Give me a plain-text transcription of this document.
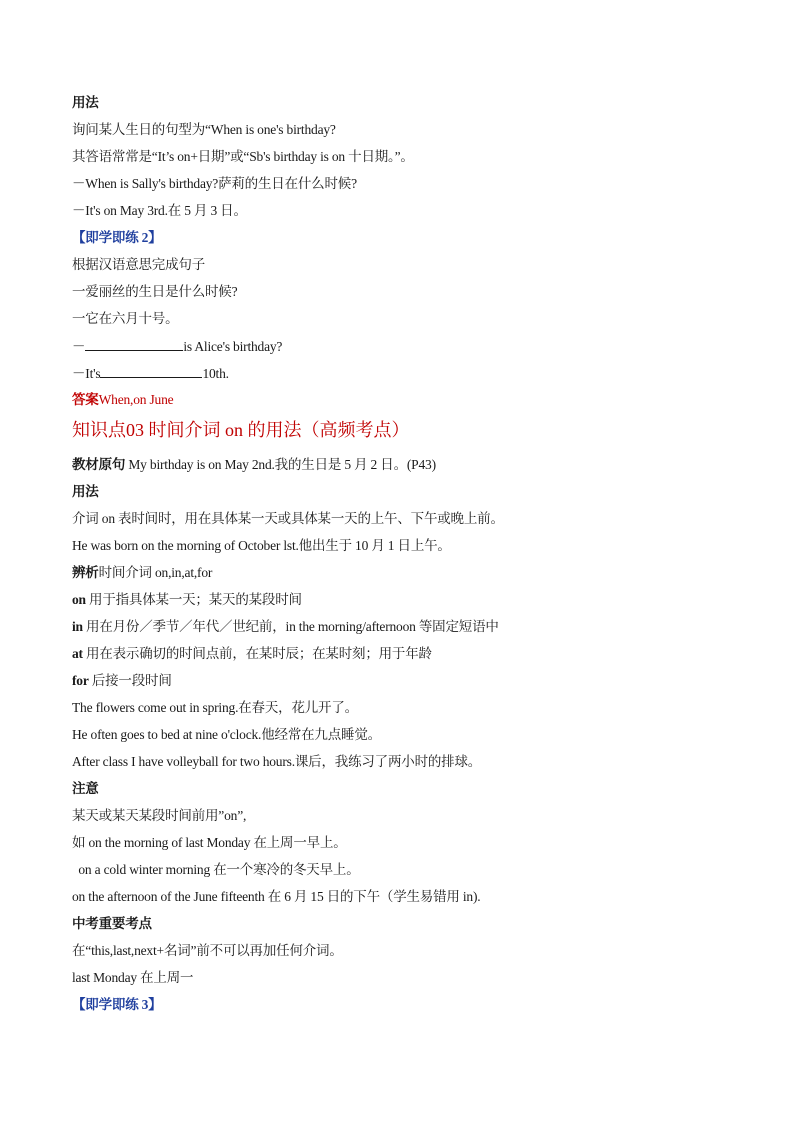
用法
询问某人生日的句型为“When is one's birthday?
其答语常常是“It’s on+日期”或“Sb's birthday is on 十日期。”。
－When is Sally's birthday?萨莉的生日在什么时候?
－It's on May 3rd.在 5 月 3 日。
【即学即练 2】
根据汉语意思完成句子
一爱丽丝的生日是什么时候?
一它在六月十号。
－	is Alice's birthday?
－It's	10th.
答案When,on June
知识点03 时间介词 on 的用法（高频考点）
教材原句 My birthday is on May 2nd.我的生日是 5 月 2 日。(P43)
用法
介词 on 表时间时，用在具体某一天或具体某一天的上午、下午或晚上前。
He was born on the morning of October lst.他出生于 10 月 1 日上午。
辨析时间介词 on,in,at,for
on 用于指具体某一天；某天的某段时间
in 用在月份／季节／年代／世纪前，in the morning/afternoon 等固定短语中
at 用在表示确切的时间点前，在某时辰；在某时刻；用于年龄
for 后接一段时间
The flowers come out in spring.在春天，花儿开了。
He often goes to bed at nine o'clock.他经常在九点睡觉。
After class I have volleyball for two hours.课后，我练习了两小时的排球。
注意
某天或某天某段时间前用”on”,
如 on the morning of last Monday 在上周一早上。
on a cold winter morning 在一个寒冷的冬天早上。
on the afternoon of the June fifteenth 在 6 月 15 日的下午（学生易错用 in).
中考重要考点
在“this,last,next+名词”前不可以再加任何介词。
last Monday 在上周一
【即学即练 3】
